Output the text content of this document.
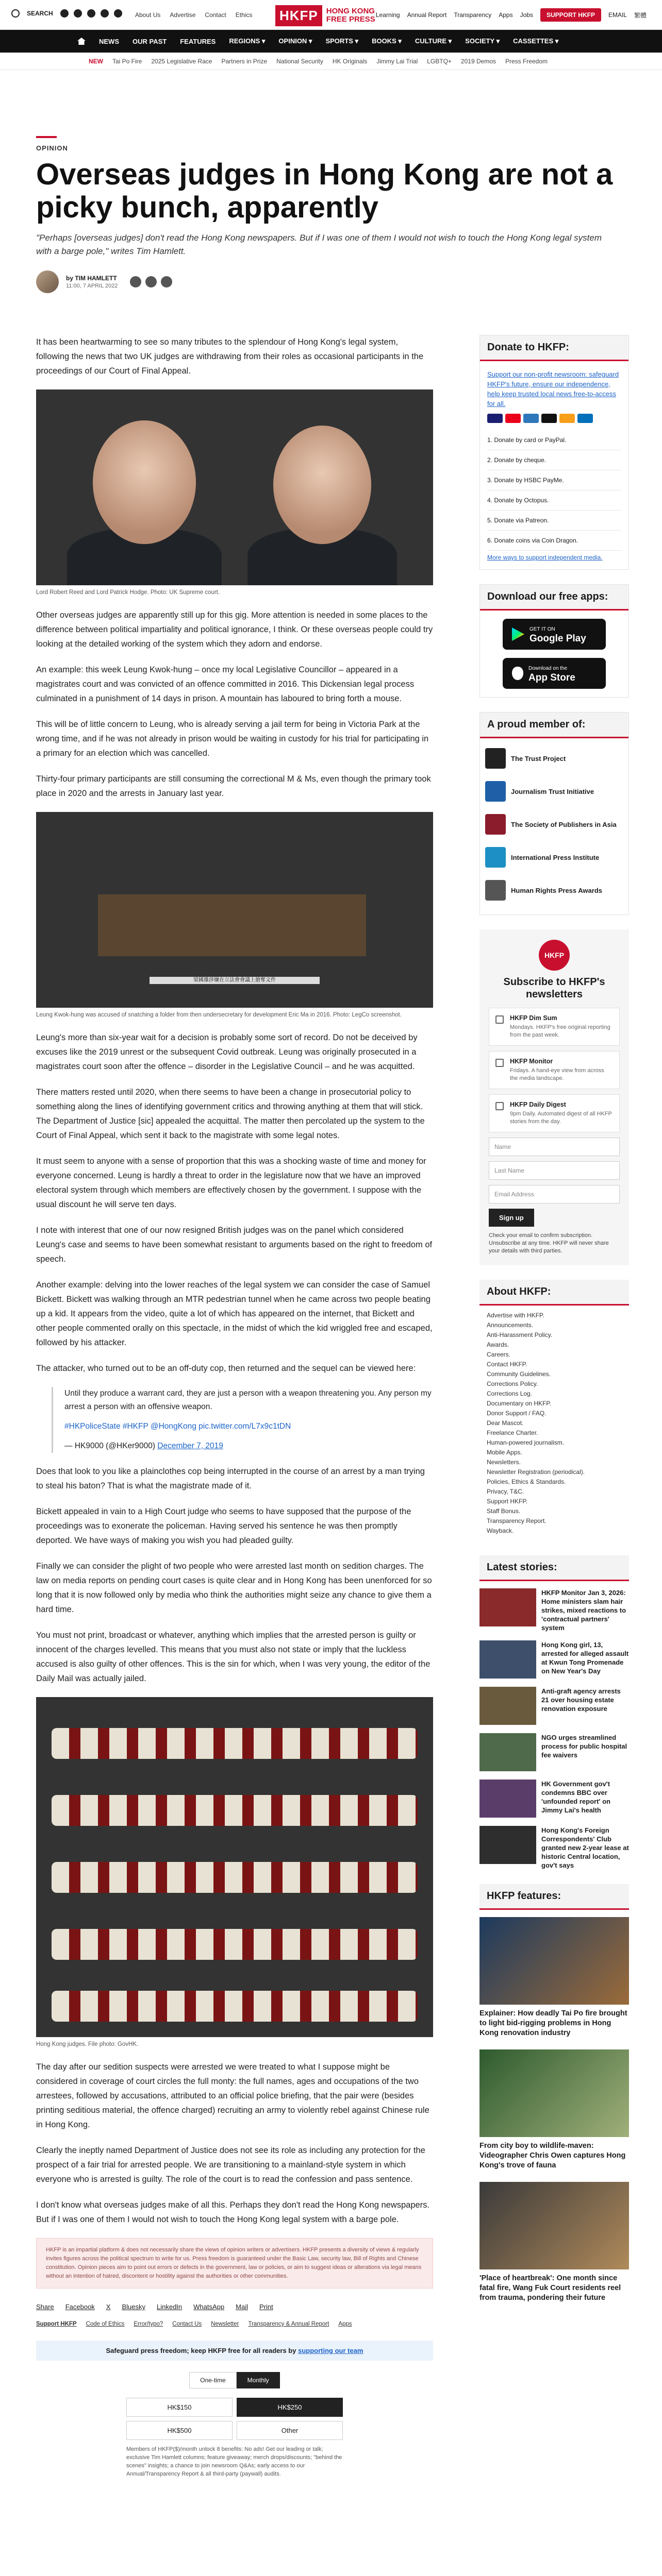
SEARCH	About Us Advertise Contact Ethics	HKFP	HONG KONG
FREE PRESS Learning Annual Report Transparency Apps Jobs	SUPPORT HKFP	EMAIL 繁體
NEWS OUR PAST FEATURES REGIONS ▾ OPINION ▾ SPORTS ▾ BOOKS ▾ CULTURE ▾ SOCIETY ▾ CASSETTES ▾
NEW Tai Po Fire 2025 Legislative Race Partners in Prize National Security HK Originals Jimmy Lai Trial LGBTQ+ 2019 Demos Press Freedom
OPINION
Overseas judges in Hong Kong are not a picky bunch, apparently
"Perhaps [overseas judges] don't read the Hong Kong newspapers. But if I was one of them I would not wish to touch the Hong Kong legal system with a barge pole," writes Tim Hamlett.
by TIM HAMLETT
11:00, 7 APRIL 2022

It has been heartwarming to see so many tributes to the splendour of Hong Kong's legal system, following the news that two UK judges are withdrawing from their roles as occasional participants in the proceedings of our Court of Final Appeal.

Lord Robert Reed and Lord Patrick Hodge. Photo: UK Supreme court.

Other overseas judges are apparently still up for this gig. More attention is needed in some places to the difference between political impartiality and political ignorance, I think. Or these overseas people could try looking at the detailed working of the system which they adorn and endorse.

An example: this week Leung Kwok-hung – once my local Legislative Councillor – appeared in a magistrates court and was convicted of an offence committed in 2016. This Dickensian legal process culminated in a punishment of 14 days in prison. A mountain has laboured to bring forth a mouse.

This will be of little concern to Leung, who is already serving a jail term for being in Victoria Park at the wrong time, and if he was not already in prison would be waiting in custody for his trial for participating in a primary for an election which was cancelled.

Thirty-four primary participants are still consuming the correctional M & Ms, even though the primary took place in 2020 and the arrests in January last year.

梁國雄涉嫌在立法會會議上搶奪文件
Leung Kwok-hung was accused of snatching a folder from then undersecretary for development Eric Ma in 2016. Photo: LegCo screenshot.

Leung's more than six-year wait for a decision is probably some sort of record. Do not be deceived by excuses like the 2019 unrest or the subsequent Covid outbreak. Leung was originally prosecuted in a magistrates court soon after the offence – disorder in the Legislative Council – and he was acquitted.

There matters rested until 2020, when there seems to have been a change in prosecutorial policy to something along the lines of identifying government critics and throwing anything at them that will stick. The Department of Justice [sic] appealed the acquittal. The matter then percolated up the system to the Court of Final Appeal, which sent it back to the magistrate with some legal notes.

It must seem to anyone with a sense of proportion that this was a shocking waste of time and money for everyone concerned. Leung is hardly a threat to order in the legislature now that we have an improved electoral system through which members are effectively chosen by the government. I suppose with the usual discount he will serve ten days.

I note with interest that one of our now resigned British judges was on the panel which considered Leung's case and seems to have been somewhat resistant to arguments based on the right to freedom of speech.

Another example: delving into the lower reaches of the legal system we can consider the case of Samuel Bickett. Bickett was walking through an MTR pedestrian tunnel when he came across two people beating up a kid. It appears from the video, quite a lot of which has appeared on the internet, that Bickett and other people commented orally on this spectacle, in the midst of which the kid wriggled free and escaped, followed by his attacker.

The attacker, who turned out to be an off-duty cop, then returned and the sequel can be viewed here:

Until they produce a warrant card, they are just a person with a weapon threatening you. Any person my arrest a person with an offensive weapon.

#HKPoliceState #HKFP @HongKong pic.twitter.com/L7x9c1tDN

— HK9000 (@HKer9000) December 7, 2019

Does that look to you like a plainclothes cop being interrupted in the course of an arrest by a man trying to steal his baton? That is what the magistrate made of it.

Bickett appealed in vain to a High Court judge who seems to have supposed that the purpose of the proceedings was to exonerate the policeman. Having served his sentence he was then promptly deported. We have ways of making you wish you had pleaded guilty.

Finally we can consider the plight of two people who were arrested last month on sedition charges. The law on media reports on pending court cases is quite clear and in Hong Kong has been unenforced for so long that it is now followed only by media who think the authorities might seize any chance to give them a hard time.

You must not print, broadcast or whatever, anything which implies that the arrested person is guilty or innocent of the charges levelled. This means that you must also not state or imply that the luckless accused is also guilty of other offences. This is the sin for which, when I was very young, the editor of the Daily Mail was actually jailed.

Hong Kong judges. File photo: GovHK.

The day after our sedition suspects were arrested we were treated to what I suppose might be considered in coverage of court circles the full monty: the full names, ages and occupations of the two arrestees, followed by accusations, attributed to an official police briefing, that the pair were (besides printing seditious material, the offence charged) recruiting an army to violently rebel against Chinese rule in Hong Kong.

Clearly the ineptly named Department of Justice does not see its role as including any protection for the prospect of a fair trial for arrested people. We are transitioning to a mainland-style system in which everyone who is arrested is guilty. The role of the court is to read the confession and pass sentence.

I don't know what overseas judges make of all this. Perhaps they don't read the Hong Kong newspapers. But if I was one of them I would not wish to touch the Hong Kong legal system with a barge pole.

HKFP is an impartial platform & does not necessarily share the views of opinion writers or advertisers. HKFP presents a diversity of views & regularly invites figures across the political spectrum to write for us. Press freedom is guaranteed under the Basic Law, security law, Bill of Rights and Chinese constitution. Opinion pieces aim to point out errors or defects in the government, law or policies, or aim to suggest ideas or alterations via legal means without an intention of hatred, discontent or hostility against the authorities or other communities.
Share Facebook X Bluesky LinkedIn WhatsApp Mail Print
Support HKFP Code of Ethics Error/typo? Contact Us Newsletter Transparency & Annual Report Apps
Safeguard press freedom; keep HKFP free for all readers by supporting our team
One-time	Monthly
HK$150	HK$250
HK$500	Other
Members of HKFP($)/month unlock 8 benefits: No ads! Get our leading or talk; exclusive Tim Hamlett columns; feature giveaway; merch drops/discounts; "behind the scenes" insights; a chance to join newsroom Q&As; early access to our Annual/Transparency Report & all third-party (paywall) audits.
Donate to HKFP:

Support our non-profit newsroom: safeguard HKFP's future, ensure our independence, help keep trusted local news free-to-access for all.

1. Donate by card or PayPal.
2. Donate by cheque.
3. Donate by HSBC PayMe.
4. Donate by Octopus.
5. Donate via Patreon.
6. Donate coins via Coin Dragon.
More ways to support independent media.
Download our free apps:
GET IT ON
Google Play
Download on the
App Store
A proud member of:
The Trust Project
Journalism Trust Initiative
The Society of Publishers in Asia
International Press Institute
Human Rights Press Awards
HKFP
Subscribe to HKFP's newsletters
HKFP Dim Sum
Mondays. HKFP's free original reporting from the past week.
HKFP Monitor
Fridays. A hand-eye view from across the media landscape.
HKFP Daily Digest
9pm Daily. Automated digest of all HKFP stories from the day.
Name
Last Name
Email Address
Sign up
Check your email to confirm subscription. Unsubscribe at any time. HKFP will never share your details with third parties.
About HKFP:
Advertise with HKFP.
Announcements.
Anti-Harassment Policy.
Awards.
Careers.
Contact HKFP.
Community Guidelines.
Corrections Policy.
Corrections Log.
Documentary on HKFP.
Donor Support / FAQ.
Dear Mascot.
Freelance Charter.
Human-powered journalism.
Mobile Apps.
Newsletters.
Newsletter Registration (periodical).
Policies, Ethics & Standards.
Privacy, T&C.
Support HKFP.
Staff Bonus.
Transparency Report.
Wayback.
Latest stories:
HKFP Monitor Jan 3, 2026: Home ministers slam hair strikes, mixed reactions to 'contractual partners' system
Hong Kong girl, 13, arrested for alleged assault at Kwun Tong Promenade on New Year's Day
Anti-graft agency arrests 21 over housing estate renovation exposure
NGO urges streamlined process for public hospital fee waivers
HK Government gov't condemns BBC over 'unfounded report' on Jimmy Lai's health
Hong Kong's Foreign Correspondents' Club granted new 2-year lease at historic Central location, gov't says
HKFP features:
Explainer: How deadly Tai Po fire brought to light bid-rigging problems in Hong Kong renovation industry
From city boy to wildlife-maven: Videographer Chris Owen captures Hong Kong's trove of fauna
'Place of heartbreak': One month since fatal fire, Wang Fuk Court residents reel from trauma, pondering their future
